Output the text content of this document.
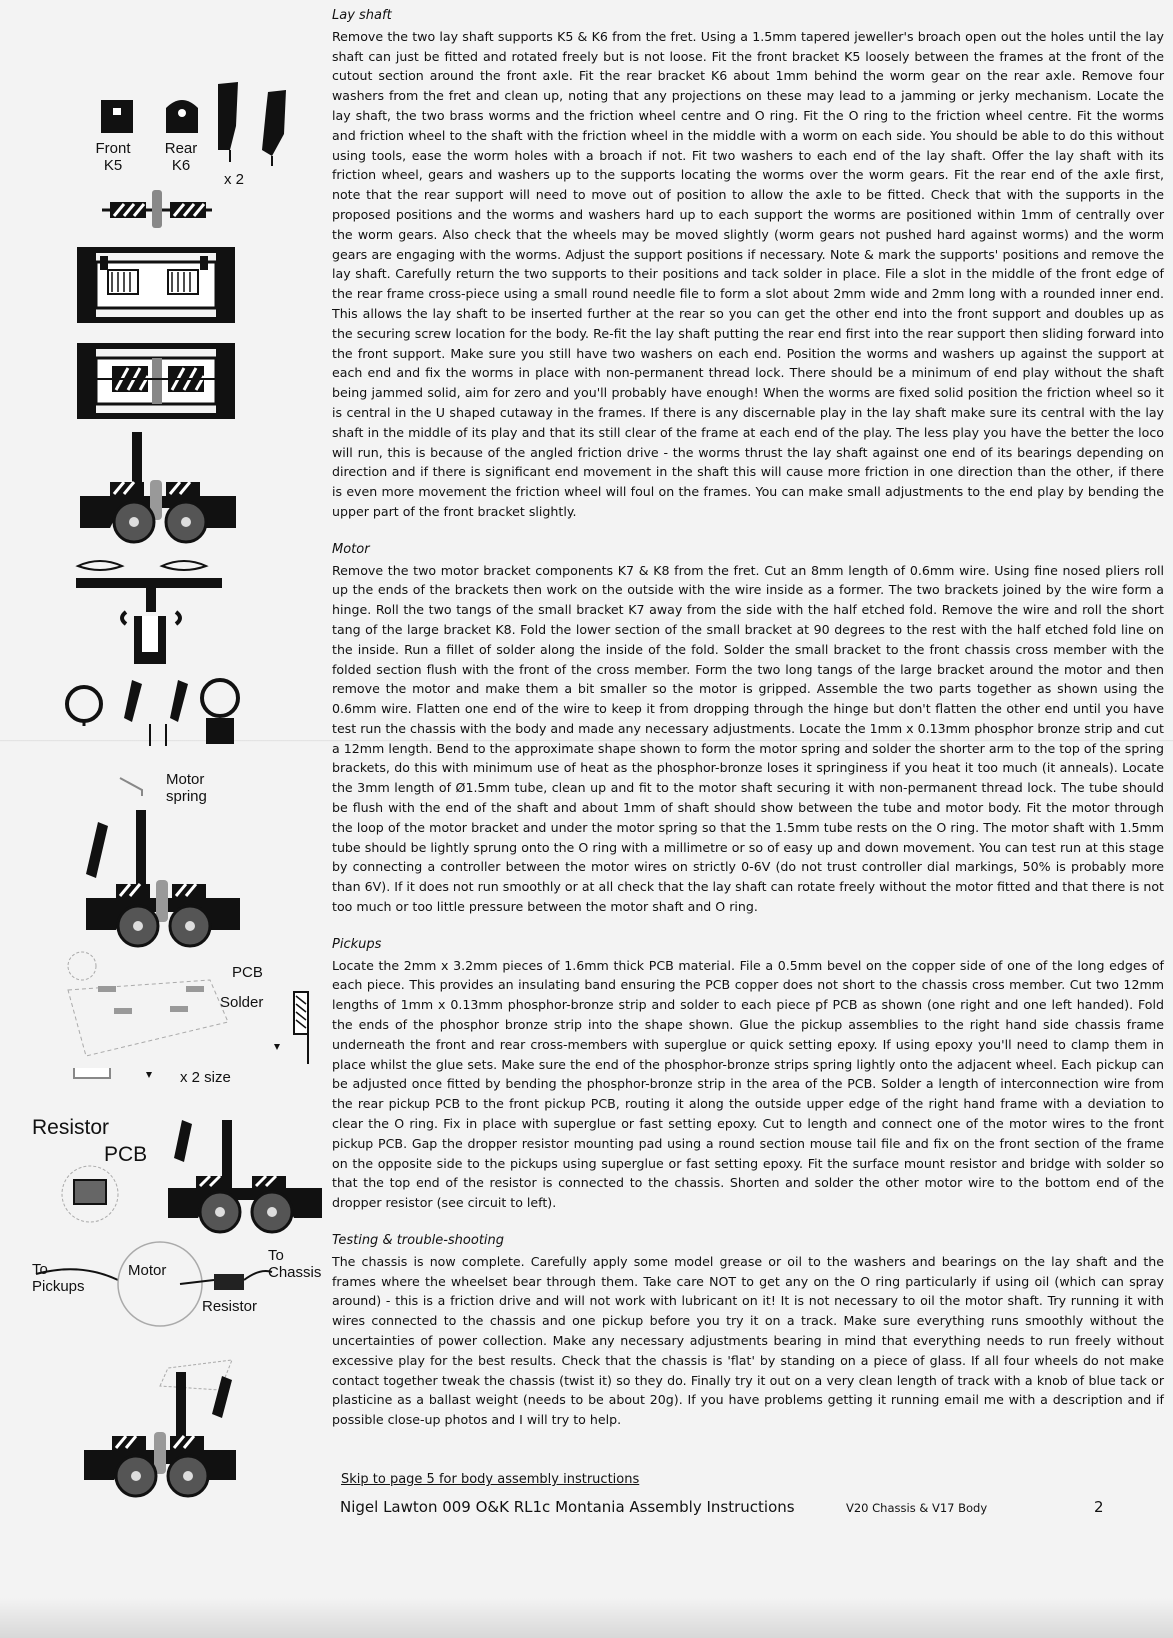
Front
K5
Rear
K6
x 2
Motor
spring
PCB
Solder
x 2 size
Resistor
PCB
To
Pickups
Motor
To
Chassis
Resistor
Lay shaft

Remove the two lay shaft supports K5 & K6 from the fret. Using a 1.5mm tapered jeweller's broach open out the holes until the lay shaft can just be fitted and rotated freely but is not loose. Fit the front bracket K5 loosely between the frames at the front of the cutout section around the front axle. Fit the rear bracket K6 about 1mm behind the worm gear on the rear axle. Remove four washers from the fret and clean up, noting that any projections on these may lead to a jamming or jerky mechanism. Locate the lay shaft, the two brass worms and the friction wheel centre and O ring. Fit the O ring to the friction wheel centre. Fit the worms and friction wheel to the shaft with the friction wheel in the middle with a worm on each side. You should be able to do this without using tools, ease the worm holes with a broach if not. Fit two washers to each end of the lay shaft. Offer the lay shaft with its friction wheel, gears and washers up to the supports locating the worms over the worm gears. Fit the rear end of the axle first, note that the rear support will need to move out of position to allow the axle to be fitted. Check that with the supports in the proposed positions and the worms and washers hard up to each support the worms are positioned within 1mm of centrally over the worm gears. Also check that the wheels may be moved slightly (worm gears not pushed hard against worms) and the worm gears are engaging with the worms. Adjust the support positions if necessary. Note & mark the supports' positions and remove the lay shaft. Carefully return the two supports to their positions and tack solder in place. File a slot in the middle of the front edge of the rear frame cross-piece using a small round needle file to form a slot about 2mm wide and 2mm long with a rounded inner end. This allows the lay shaft to be inserted further at the rear so you can get the other end into the front support and doubles up as the securing screw location for the body. Re-fit the lay shaft putting the rear end first into the rear support then sliding forward into the front support. Make sure you still have two washers on each end. Position the worms and washers up against the support at each end and fix the worms in place with non-permanent thread lock. There should be a minimum of end play without the shaft being jammed solid, aim for zero and you'll probably have enough! When the worms are fixed solid position the friction wheel so it is central in the U shaped cutaway in the frames. If there is any discernable play in the lay shaft make sure its central with the lay shaft in the middle of its play and that its still clear of the frame at each end of the play. The less play you have the better the loco will run, this is because of the angled friction drive - the worms thrust the lay shaft against one end of its bearings depending on direction and if there is significant end movement in the shaft this will cause more friction in one direction than the other, if there is even more movement the friction wheel will foul on the frames. You can make small adjustments to the end play by bending the upper part of the front bracket slightly.

Motor

Remove the two motor bracket components K7 & K8 from the fret. Cut an 8mm length of 0.6mm wire. Using fine nosed pliers roll up the ends of the brackets then work on the outside with the wire inside as a former. The two brackets joined by the wire form a hinge. Roll the two tangs of the small bracket K7 away from the side with the half etched fold. Remove the wire and roll the short tang of the large bracket K8. Fold the lower section of the small bracket at 90 degrees to the rest with the half etched fold line on the inside. Run a fillet of solder along the inside of the fold. Solder the small bracket to the front chassis cross member with the folded section flush with the front of the cross member. Form the two long tangs of the large bracket around the motor and then remove the motor and make them a bit smaller so the motor is gripped. Assemble the two parts together as shown using the 0.6mm wire. Flatten one end of the wire to keep it from dropping through the hinge but don't flatten the other end until you have test run the chassis with the body and made any necessary adjustments. Locate the 1mm x 0.13mm phosphor bronze strip and cut a 12mm length. Bend to the approximate shape shown to form the motor spring and solder the shorter arm to the top of the spring brackets, do this with minimum use of heat as the phosphor-bronze loses it springiness if you heat it too much (it anneals). Locate the 3mm length of Ø1.5mm tube, clean up and fit to the motor shaft securing it with non-permanent thread lock. The tube should be flush with the end of the shaft and about 1mm of shaft should show between the tube and motor body. Fit the motor through the loop of the motor bracket and under the motor spring so that the 1.5mm tube rests on the O ring. The motor shaft with 1.5mm tube should be lightly sprung onto the O ring with a millimetre or so of easy up and down movement. You can test run at this stage by connecting a controller between the motor wires on strictly 0-6V (do not trust controller dial markings, 50% is probably more than 6V). If it does not run smoothly or at all check that the lay shaft can rotate freely without the motor fitted and that there is not too much or too little pressure between the motor shaft and O ring.

Pickups

Locate the 2mm x 3.2mm pieces of 1.6mm thick PCB material. File a 0.5mm bevel on the copper side of one of the long edges of each piece. This provides an insulating band ensuring the PCB copper does not short to the chassis cross member. Cut two 12mm lengths of 1mm x 0.13mm phosphor-bronze strip and solder to each piece pf PCB as shown (one right and one left handed). Fold the ends of the phosphor bronze strip into the shape shown. Glue the pickup assemblies to the right hand side chassis frame underneath the front and rear cross-members with superglue or quick setting epoxy. If using epoxy you'll need to clamp them in place whilst the glue sets. Make sure the end of the phosphor-bronze strips spring lightly onto the adjacent wheel. Each pickup can be adjusted once fitted by bending the phosphor-bronze strip in the area of the PCB. Solder a length of interconnection wire from the rear pickup PCB to the front pickup PCB, routing it along the outside upper edge of the right hand frame with a deviation to clear the O ring. Fix in place with superglue or fast setting epoxy. Cut to length and connect one of the motor wires to the front pickup PCB. Gap the dropper resistor mounting pad using a round section mouse tail file and fix on the front section of the frame on the opposite side to the pickups using superglue or fast setting epoxy. Fit the surface mount resistor and bridge with solder so that the top end of the resistor is connected to the chassis. Shorten and solder the other motor wire to the bottom end of the dropper resistor (see circuit to left).

Testing & trouble-shooting

The chassis is now complete. Carefully apply some model grease or oil to the washers and bearings on the lay shaft and the frames where the wheelset bear through them. Take care NOT to get any on the O ring particularly if using oil (which can spray around) - this is a friction drive and will not work with lubricant on it! It is not necessary to oil the motor shaft. Try running it with wires connected to the chassis and one pickup before you try it on a track. Make sure everything runs smoothly without the uncertainties of power collection. Make any necessary adjustments bearing in mind that everything needs to run freely without excessive play for the best results. Check that the chassis is 'flat' by standing on a piece of glass. If all four wheels do not make contact together tweak the chassis (twist it) so they do. Finally try it out on a very clean length of track with a knob of blue tack or plasticine as a ballast weight (needs to be about 20g). If you have problems getting it running email me with a description and if possible close-up photos and I will try to help.

Skip to page 5 for body assembly instructions
Nigel Lawton 009 O&K RL1c Montania Assembly Instructions	V20 Chassis & V17 Body	2
